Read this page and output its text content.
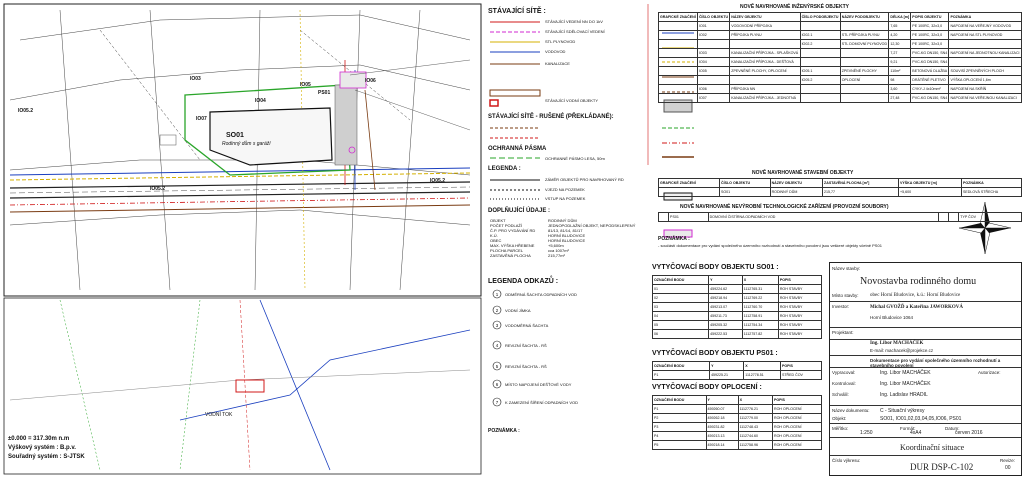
1
2
3
4
5
6
7
SO01
Rodinný dům s garáží
IO03
IO04
IO05
IO06
IO07
PS01
IO05.2
IO05.2
IO05.2
VODNÍ TOK
±0.000 = 317.30m n.m
Výškový systém : B.p.v.
Souřadný systém : S-JTSK
STÁVAJÍCÍ SÍTĚ :
STÁVAJÍCÍ VEDENÍ NN DO 1kV
STÁVAJÍCÍ SDĚLOVACÍ VEDENÍ
STL PLYNOVOD
VODOVOD
KANALIZACE
STÁVAJÍCÍ VODNÍ OBJEKTY
STÁVAJÍCÍ SÍTĚ - RUŠENÉ (PŘEKLÁDANÉ):
OCHRANNÁ PÁSMA
OCHRANNÉ PÁSMO LESA, 50m
LEGENDA :
ZÁMĚR OBJEKTŮ PRO NAVRHOVANÝ RD
VJEZD NA POZEMEK
VSTUP NA POZEMEK
DOPLŇUJÍCÍ ÚDAJE :
OBJEKT	RODINNÝ DŮM
POČET PODLAŽÍ	JEDNOPODLAŽNÍ OBJEKT, NEPODSKLEPENÝ
Č.P. PRO VYDÁVÁNÍ RD	81/13, 81/14, 81/17
K.Ú.	HORNÍ BLUDOVICE
OBEC	HORNÍ BLUDOVICE
MAX. VÝŠKA HŘEBENE	+5,600m
PLOCHA PARCEL	cca 1007m²
ZASTAVĚNÁ PLOCHA	215,77m²
LEGENDA ODKAZŮ :
ODMĚRNÁ ŠACHTA ODPADNÍCH VOD
VODNÍ JÍMKA
VODOMĚRNÁ ŠACHTA
REVIZNÍ ŠACHTA - RŠ
REVIZNÍ ŠACHTA - RŠ
MÍSTO NAPOJENÍ DEŠŤOVÉ VODY
K ZAMEZENÍ ŠÍŘENÍ ODPADNÍCH VOD
POZNÁMKA :
NOVĚ NAVRHOVANÉ INŽENÝRSKÉ OBJEKTY
GRAFICKÉ ZNAČENÍ	ČÍSLO OBJEKTU	NÁZEV OBJEKTU	ČÍSLO PODOBJEKTU	NÁZEV PODOBJEKTU	DÉLKA [m]	POPIS OBJEKTU	POZNÁMKA
	IO01	VODOVODNÍ PŘÍPOJKA			7,65	PE 100RC, 32x3,0	NAPOJENÍ NA VEŘEJNÝ VODOVOD
	IO02	PŘÍPOJKA PLYNU	IO02.1	STL PŘÍPOJKA PLYNU	4,20	PE 100RC, 32x3,0	NAPOJENÍ NA STL PLYNOVOD
			IO02.2	STL DOMOVNÍ PLYNOVOD	12,30	PE 100RC, 32x3,0	
	IO03	KANALIZAČNÍ PŘÍPOJKA - SPLAŠKOVÁ			7,27	PVC-KG DN150, SN4	NAPOJENÍ NA JEDNOTNOU KANALIZACI
	IO04	KANALIZAČNÍ PŘÍPOJKA - DEŠŤOVÁ			9,21	PVC-KG DN150, SN4	
	IO05	ZPEVNĚNÉ PLOCHY, OPLOCENÍ	IO05.1	ZPEVNĚNÉ PLOCHY	110m²	BETONOVÁ DLAŽBA	SOUVISÍ ZPEVNĚNÝCH PLOCH
			IO05.2	OPLOCENÍ	98	DRÁTĚNÉ PLETIVO	VÝŠKA OPLOCENÍ 1,6m
	IO06	PŘÍPOJKA NN			3,60	CYKY-J 4x10mm²	NAPOJENÍ NA SKŘÍŇ
	IO07	KANALIZAČNÍ PŘÍPOJKA - JEDNOTNÁ			27,48	PVC-KG DN150, SN4	NAPOJENÍ NA VEŘEJNOU KANALIZACI
NOVĚ NAVRHOVANÉ STAVEBNÍ OBJEKTY
GRAFICKÉ ZNAČENÍ	ČÍSLO OBJEKTU	NÁZEV OBJEKTU	ZASTAVĚNÁ PLOCHA [m²]	VÝŠKA OBJEKTU [m]	POZNÁMKA
	SO01	RODINNÝ DŮM	215,77	+5,600	SEDLOVÁ STŘECHA
NOVĚ NAVRHOVANÉ NEVÝROBNÍ TECHNOLOGICKÉ ZAŘÍZENÍ (PROVOZNÍ SOUBORY)
	PS01	DOMOVNÍ ČISTÍRNA ODPADNÍCH VOD			TYP ČOV
POZNÁMKA :
- součástí dokumentace pro vydání společného územního rozhodnutí a stavebního povolení jsou veškeré objekty včetně PS01
VYTYČOVACÍ BODY OBJEKTU SO01 :
OZNAČENÍ BODU	Y	X	POPIS
01	459224.62	1112765.31	ROH STAVBY
02	459218.94	1112769.22	ROH STAVBY
03	459213.07	1112760.70	ROH STAVBY
04	459211.73	1112758.91	ROH STAVBY
05	459205.32	1112754.34	ROH STAVBY
06	459222.53	1112757.82	ROH STAVBY
VYTYČOVACÍ BODY OBJEKTU PS01 :
OZNAČENÍ BODU	Y	X	POPIS
P1	459225.21	1112778.51	STŘED ČOV
VYTYČOVACÍ BODY OPLOCENÍ :
OZNAČENÍ BODU	Y	X	POPIS
P1	459260.07	1112776.21	ROH OPLOCENÍ
P2	459262.18	1112779.00	ROH OPLOCENÍ
P3	459231.82	1112748.43	ROH OPLOCENÍ
P4	459213.13	1112744.60	ROH OPLOCENÍ
P5	459218.14	1112758.96	ROH OPLOCENÍ
Název stavby:
Novostavba rodinného domu
Místo stavby: obec Horní Bludovice, k.ú.: Horní Bludovice
Investor:	Michal GVOŽĎ a Kateřina JAWORKOVÁ
Horní Bludovice 1064
Projektant:
Ing. Libor MACHÁČEK
E-mail: machacek@projekce.cz
Dokumentace pro vydání společného územního rozhodnutí a stavebního povolení
Vypracoval:	Ing. Libor MACHÁČEK
Kontroloval:	Ing. Libor MACHÁČEK
Schválil:	Ing. Ladislav HRADIL
Autorizace:
Název dokumentu: C - Situační výkresy
Objekt:	SO01, IO01,02,03,04,05,IO06, PS01
Měřítko:
1:250
Formát:
4xA4
Datum:
červen 2016
Koordinační situace
Číslo výkresu:
DUR DSP-C-102
Revize:
00
